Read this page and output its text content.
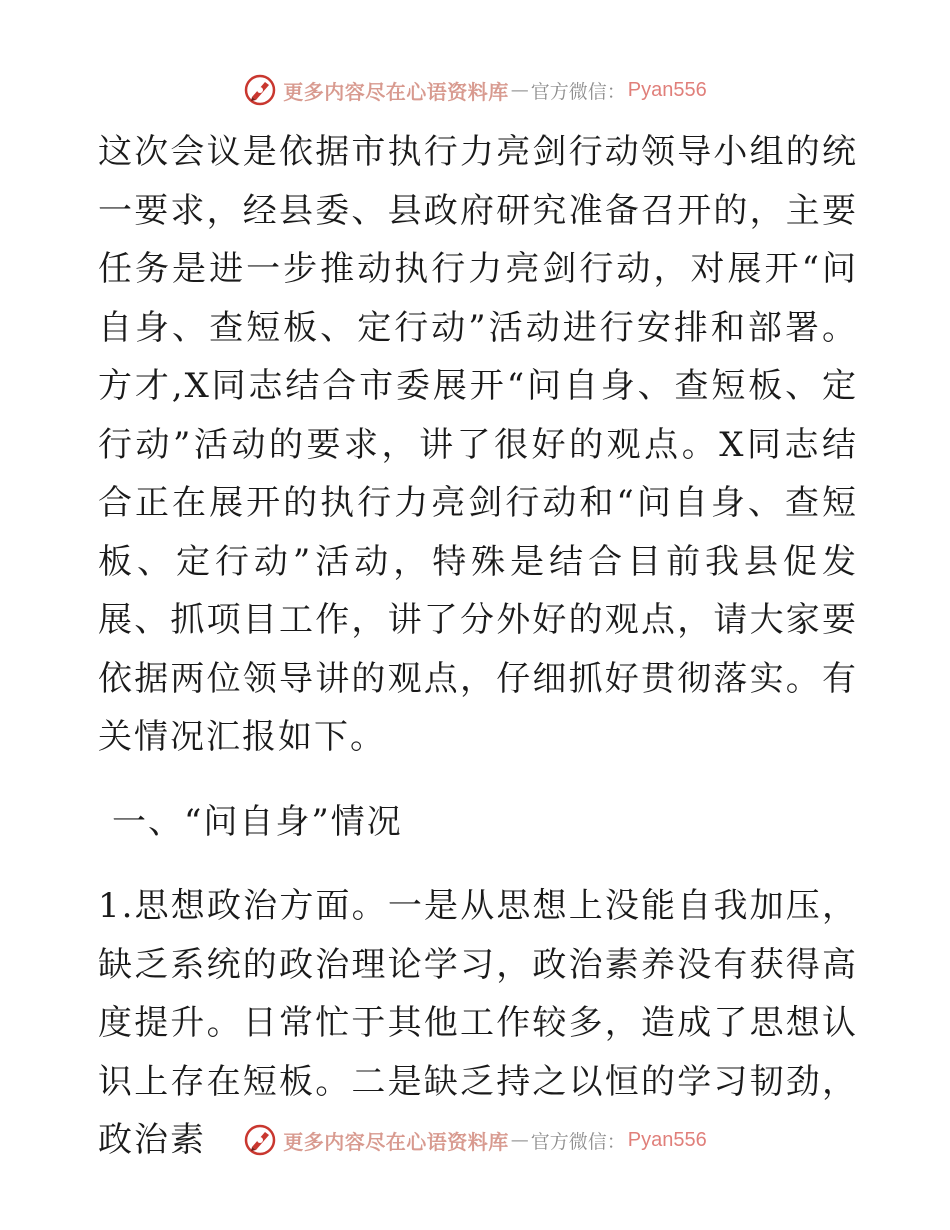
更多内容尽在心语资料库 — 官方微信： Pyan556

这次会议是依据市执行力亮剑行动领导小组的统一要求，经县委、县政府研究准备召开的，主要任务是进一步推动执行力亮剑行动，对展开“问自身、查短板、定行动”活动进行安排和部署。方才,X同志结合市委展开“问自身、查短板、定行动”活动的要求，讲了很好的观点。X同志结合正在展开的执行力亮剑行动和“问自身、查短板、定行动”活动，特殊是结合目前我县促发展、抓项目工作，讲了分外好的观点，请大家要依据两位领导讲的观点，仔细抓好贯彻落实。有关情况汇报如下。

一、“问自身”情况

1.思想政治方面。一是从思想上没能自我加压，缺乏系统的政治理论学习，政治素养没有获得高度提升。日常忙于其他工作较多，造成了思想认识上存在短板。二是缺乏持之以恒的学习韧劲，政治素	更多内容尽在心语资料库 — 官方微信： Pyan556
